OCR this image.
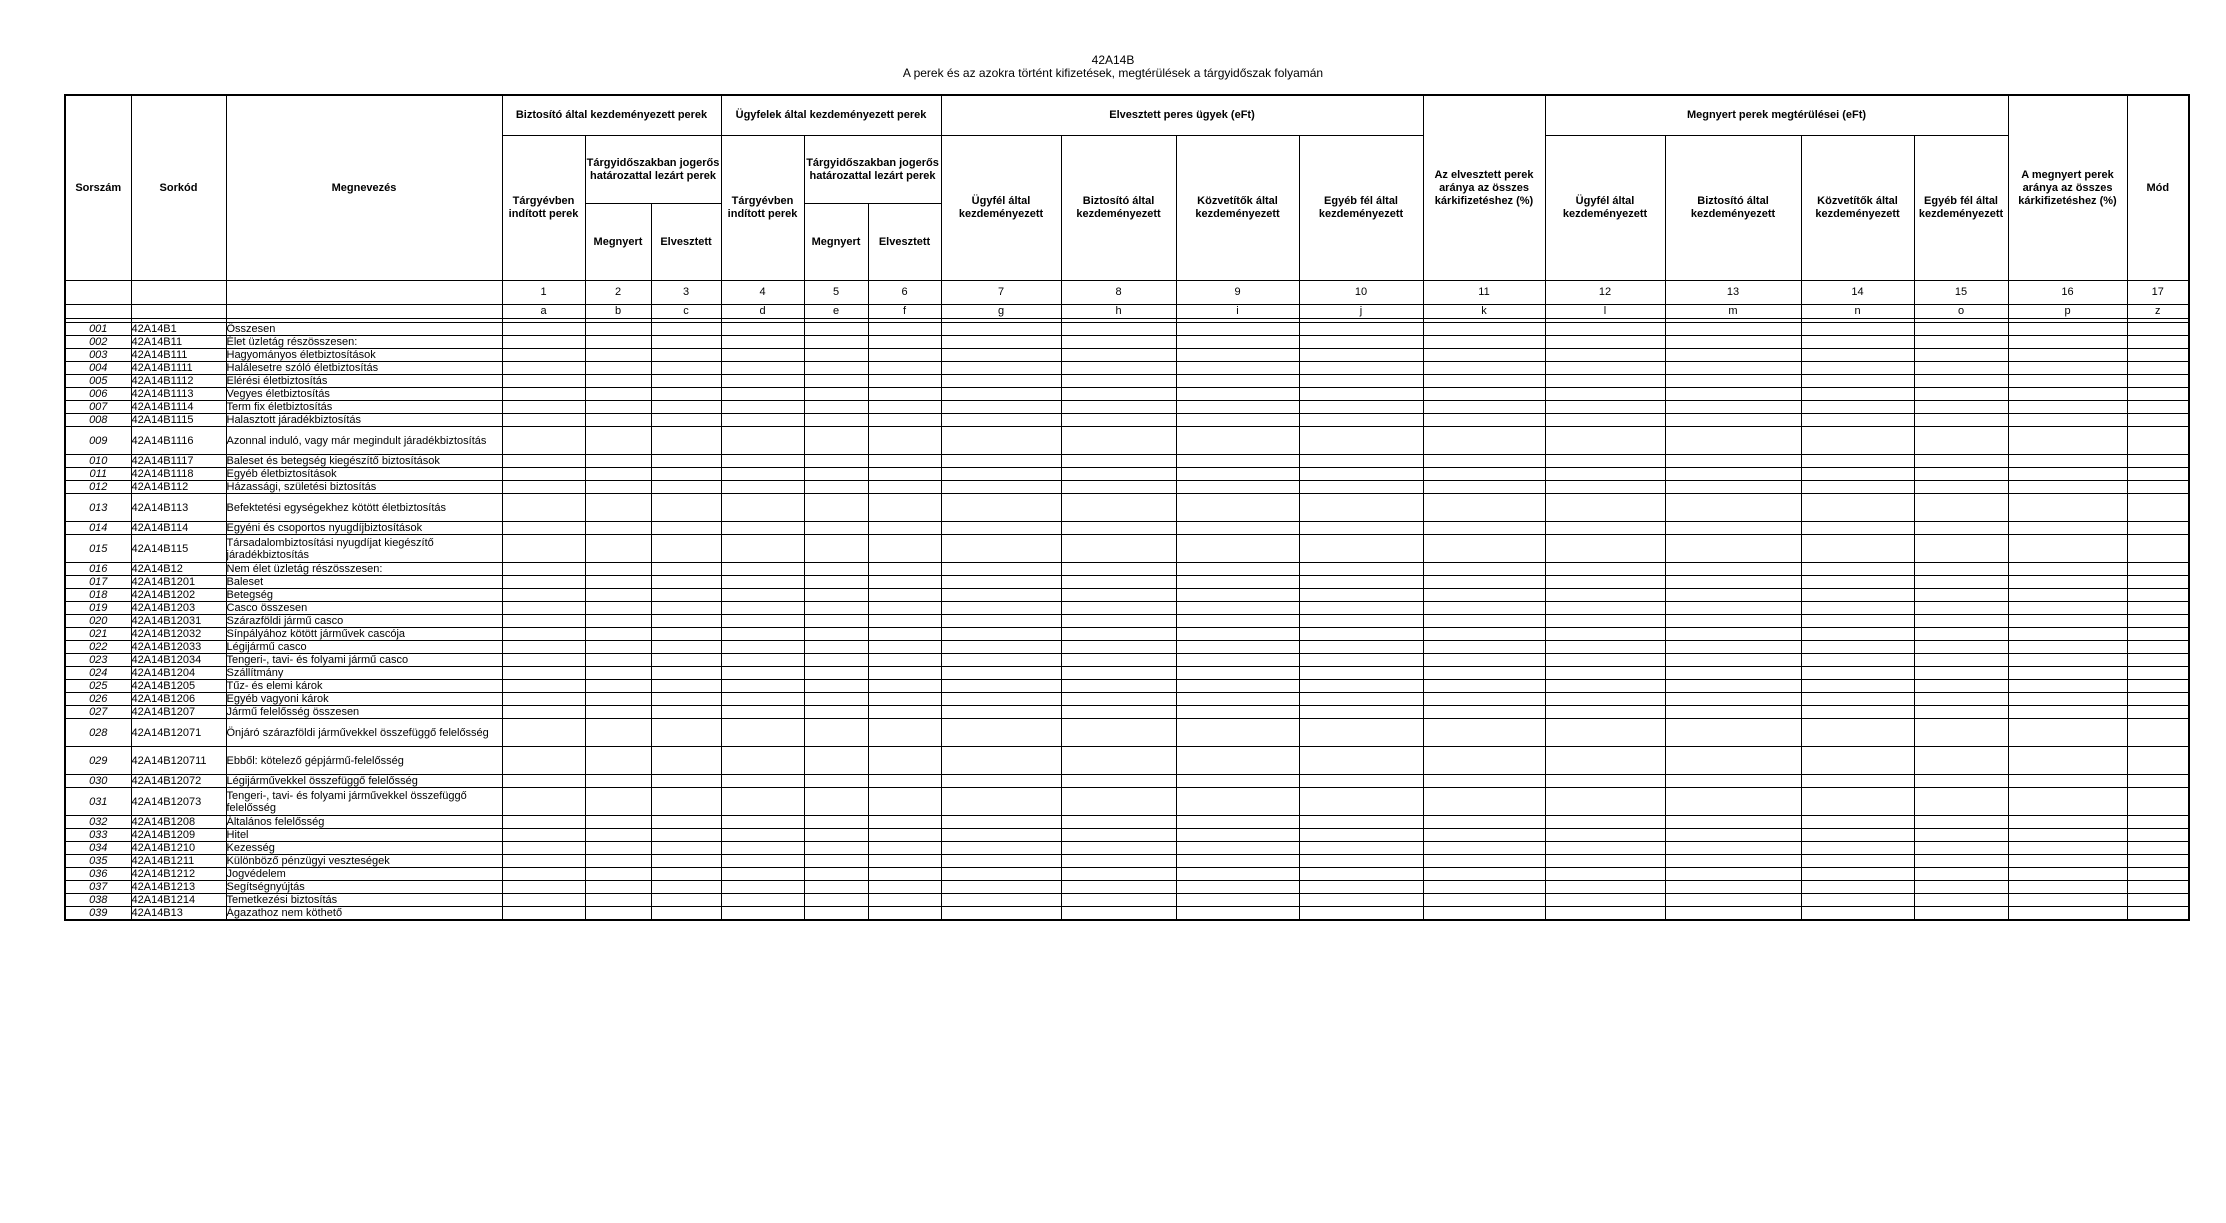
42A14B
A perek és az azokra történt kifizetések, megtérülések a tárgyidőszak folyamán
Sorszám	Sorkód	Megnevezés	Biztosító által kezdeményezett perek			Ügyfelek által kezdeményezett perek			Elvesztett peres ügyek (eFt)				Az elvesztett perek aránya az összes kárkifizetéshez (%)	Megnyert perek megtérülései (eFt)				A megnyert perek aránya az összes kárkifizetéshez (%)	Mód
			Tárgyévben indított perek	Tárgyidőszakban jogerős határozattal lezárt perek		Tárgyévben indított perek	Tárgyidőszakban jogerős határozattal lezárt perek		Ügyfél által kezdeményezett	Biztosító által kezdeményezett	Közvetítők által kezdeményezett	Egyéb fél által kezdeményezett		Ügyfél által kezdeményezett	Biztosító által kezdeményezett	Közvetítők által kezdeményezett	Egyéb fél által kezdeményezett		
				Megnyert	Elvesztett		Megnyert	Elvesztett											
			1	2	3	4	5	6	7	8	9	10	11	12	13	14	15	16	17
			a	b	c	d	e	f	g	h	i	j	k	l	m	n	o	p	z

001	42A14B1	Összesen																	
002	42A14B11	Élet üzletág részösszesen:																	
003	42A14B111	Hagyományos életbiztosítások																	
004	42A14B1111	Halálesetre szóló életbiztosítás																	
005	42A14B1112	Elérési életbiztosítás																	
006	42A14B1113	Vegyes életbiztosítás																	
007	42A14B1114	Term fix életbiztosítás																	
008	42A14B1115	Halasztott járadékbiztosítás																	
009	42A14B1116	Azonnal induló, vagy már megindult járadékbiztosítás																	
010	42A14B1117	Baleset és betegség kiegészítő biztosítások																	
011	42A14B1118	Egyéb életbiztosítások																	
012	42A14B112	Házassági, születési biztosítás																	
013	42A14B113	Befektetési egységekhez kötött életbiztosítás																	
014	42A14B114	Egyéni és csoportos nyugdíjbiztosítások																	
015	42A14B115	Társadalombiztosítási nyugdíjat kiegészítő járadékbiztosítás																	
016	42A14B12	Nem élet üzletág részösszesen:																	
017	42A14B1201	Baleset																	
018	42A14B1202	Betegség																	
019	42A14B1203	Casco összesen																	
020	42A14B12031	Szárazföldi jármű casco																	
021	42A14B12032	Sínpályához kötött járművek cascója																	
022	42A14B12033	Légijármű casco																	
023	42A14B12034	Tengeri-, tavi- és folyami jármű casco																	
024	42A14B1204	Szállítmány																	
025	42A14B1205	Tűz- és elemi károk																	
026	42A14B1206	Egyéb vagyoni károk																	
027	42A14B1207	Jármű felelősség összesen																	
028	42A14B12071	Önjáró szárazföldi járművekkel összefüggő felelősség																	
029	42A14B120711	Ebből: kötelező gépjármű-felelősség																	
030	42A14B12072	Légijárművekkel összefüggő felelősség																	
031	42A14B12073	Tengeri-, tavi- és folyami járművekkel összefüggő felelősség																	
032	42A14B1208	Általános felelősség																	
033	42A14B1209	Hitel																	
034	42A14B1210	Kezesség																	
035	42A14B1211	Különböző pénzügyi veszteségek																	
036	42A14B1212	Jogvédelem																	
037	42A14B1213	Segítségnyújtás																	
038	42A14B1214	Temetkezési biztosítás																	
039	42A14B13	Ágazathoz nem köthető																	
